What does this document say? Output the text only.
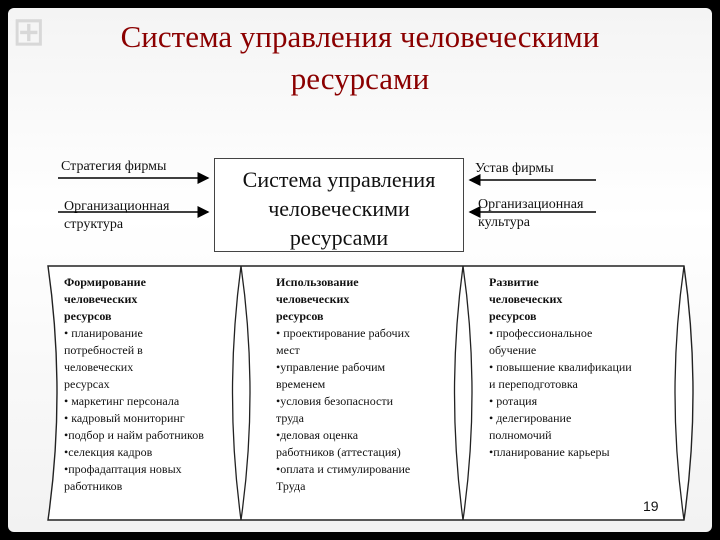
⊞	Система управления человеческими
ресурсами
Стратегия фирмы
Организационная
структура
Устав фирмы
Организационная
культура
Система управления
человеческими
ресурсами
Формирование
человеческих
ресурсов
• планирование
потребностей в
человеческих
ресурсах
• маркетинг персонала
• кадровый мониторинг
•подбор и найм работников
•селекция кадров
•профадаптация новых
работников
Использование
человеческих
ресурсов
• проектирование рабочих
мест
•управление рабочим
временем
•условия безопасности
труда
•деловая оценка
работников (аттестация)
•оплата и стимулирование
Труда
Развитие
человеческих
ресурсов
• профессиональное
обучение
• повышение квалификации
и переподготовка
• ротация
• делегирование
полномочий
•планирование карьеры
19
